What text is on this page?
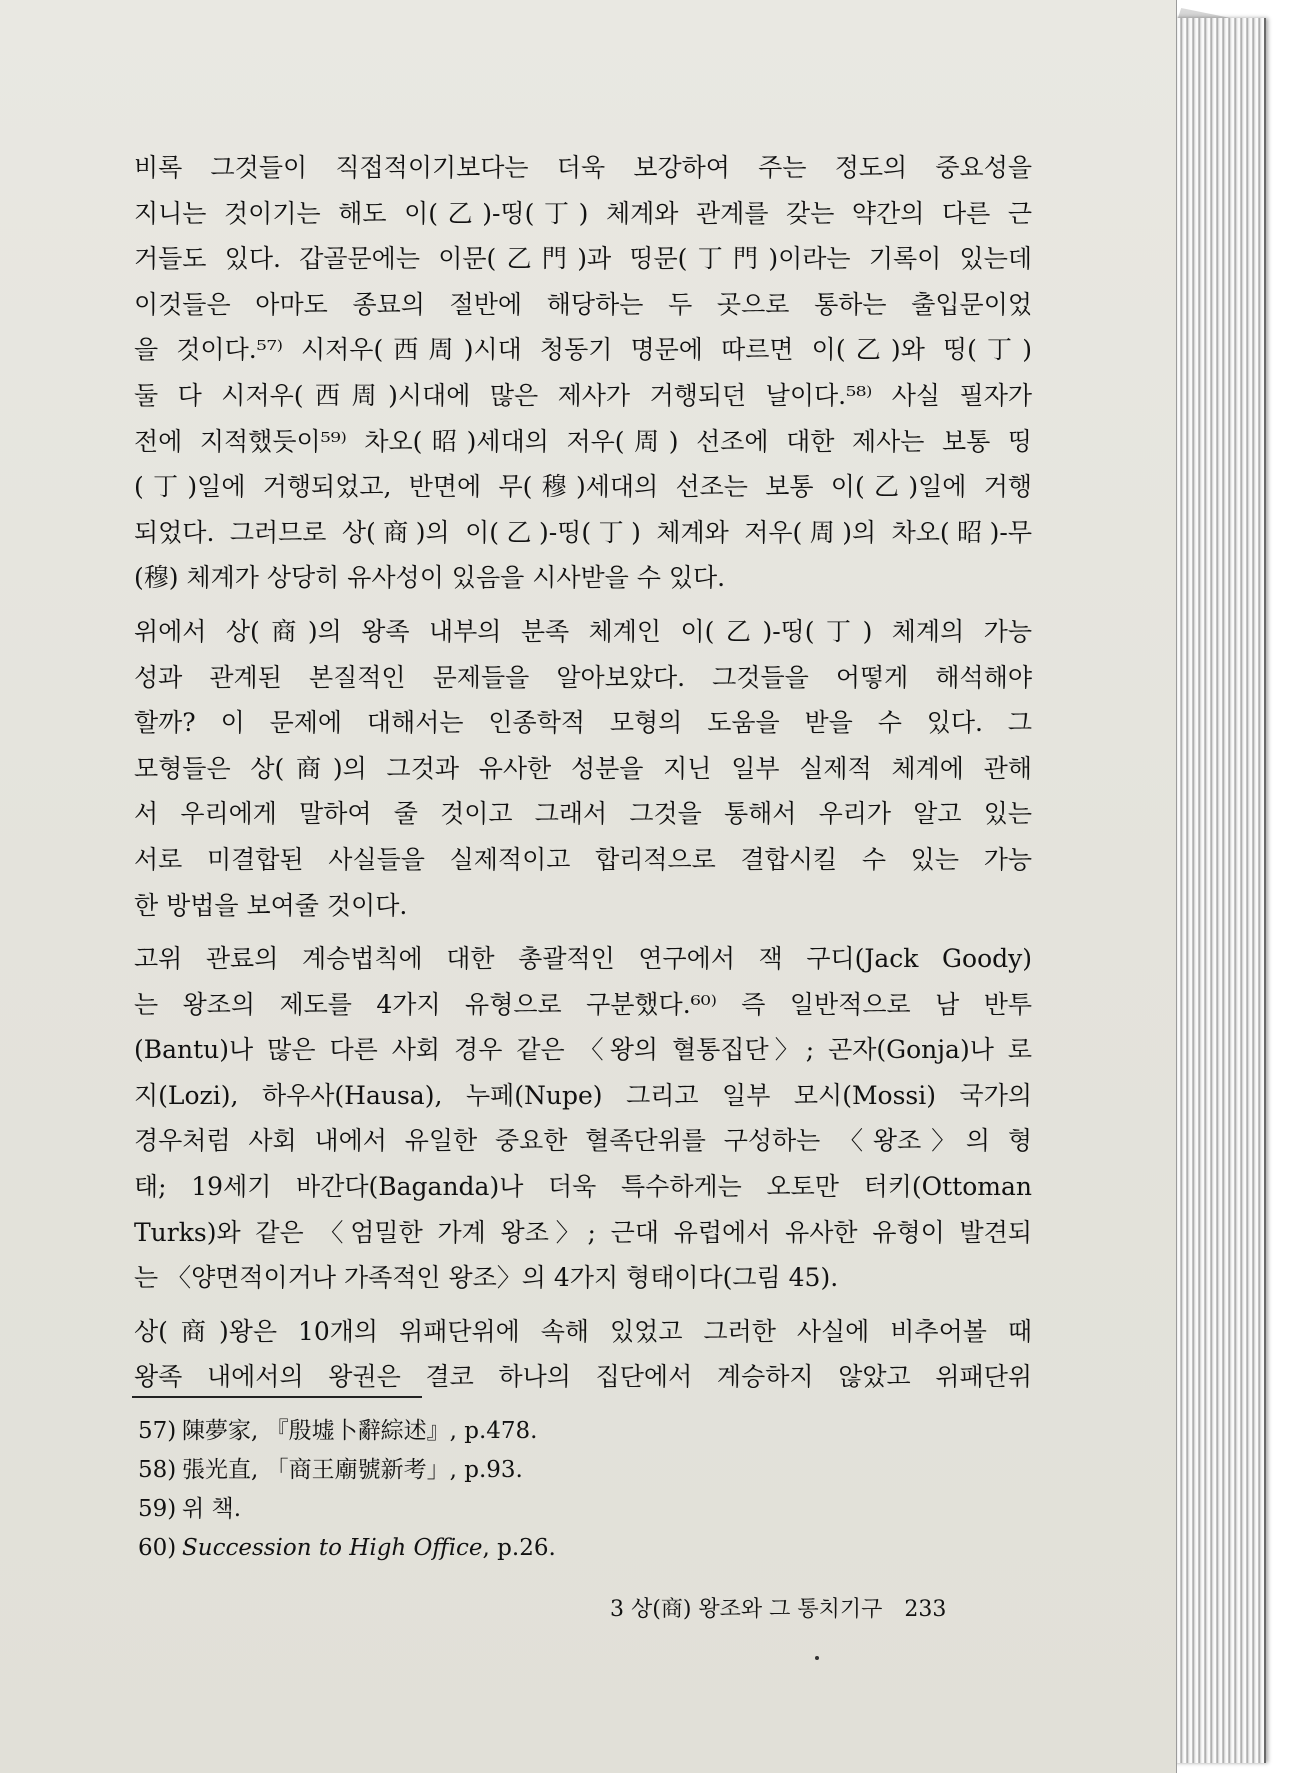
비록 그것들이 직접적이기보다는 더욱 보강하여 주는 정도의 중요성을
지니는 것이기는 해도 이(乙)-띵(丁) 체계와 관계를 갖는 약간의 다른 근
거들도 있다. 갑골문에는 이문(乙門)과 띵문(丁門)이라는 기록이 있는데
이것들은 아마도 종묘의 절반에 해당하는 두 곳으로 통하는 출입문이었
을 것이다.⁵⁷⁾ 시저우(西周)시대 청동기 명문에 따르면 이(乙)와 띵(丁)
둘 다 시저우(西周)시대에 많은 제사가 거행되던 날이다.⁵⁸⁾ 사실 필자가
전에 지적했듯이⁵⁹⁾ 차오(昭)세대의 저우(周) 선조에 대한 제사는 보통 띵
(丁)일에 거행되었고, 반면에 무(穆)세대의 선조는 보통 이(乙)일에 거행
되었다. 그러므로 상(商)의 이(乙)-띵(丁) 체계와 저우(周)의 차오(昭)-무
(穆) 체계가 상당히 유사성이 있음을 시사받을 수 있다.
위에서 상(商)의 왕족 내부의 분족 체계인 이(乙)-띵(丁) 체계의 가능
성과 관계된 본질적인 문제들을 알아보았다. 그것들을 어떻게 해석해야
할까? 이 문제에 대해서는 인종학적 모형의 도움을 받을 수 있다. 그
모형들은 상(商)의 그것과 유사한 성분을 지닌 일부 실제적 체계에 관해
서 우리에게 말하여 줄 것이고 그래서 그것을 통해서 우리가 알고 있는
서로 미결합된 사실들을 실제적이고 합리적으로 결합시킬 수 있는 가능
한 방법을 보여줄 것이다.
고위 관료의 계승법칙에 대한 총괄적인 연구에서 잭 구디(Jack Goody)
는 왕조의 제도를 4가지 유형으로 구분했다.⁶⁰⁾ 즉 일반적으로 남 반투
(Bantu)나 많은 다른 사회 경우 같은 〈왕의 혈통집단〉; 곤자(Gonja)나 로
지(Lozi), 하우사(Hausa), 누페(Nupe) 그리고 일부 모시(Mossi) 국가의
경우처럼 사회 내에서 유일한 중요한 혈족단위를 구성하는 〈왕조〉의 형
태; 19세기 바간다(Baganda)나 더욱 특수하게는 오토만 터키(Ottoman
Turks)와 같은 〈엄밀한 가계 왕조〉; 근대 유럽에서 유사한 유형이 발견되
는 〈양면적이거나 가족적인 왕조〉의 4가지 형태이다(그림 45).
상(商)왕은 10개의 위패단위에 속해 있었고 그러한 사실에 비추어볼 때
왕족 내에서의 왕권은 결코 하나의 집단에서 계승하지 않았고 위패단위
57) 陳夢家, 『殷墟卜辭綜述』, p.478.
58) 張光直, 「商王廟號新考」, p.93.
59) 위 책.
60) Succession to High Office, p.26.
3 상(商) 왕조와 그 통치기구 233
